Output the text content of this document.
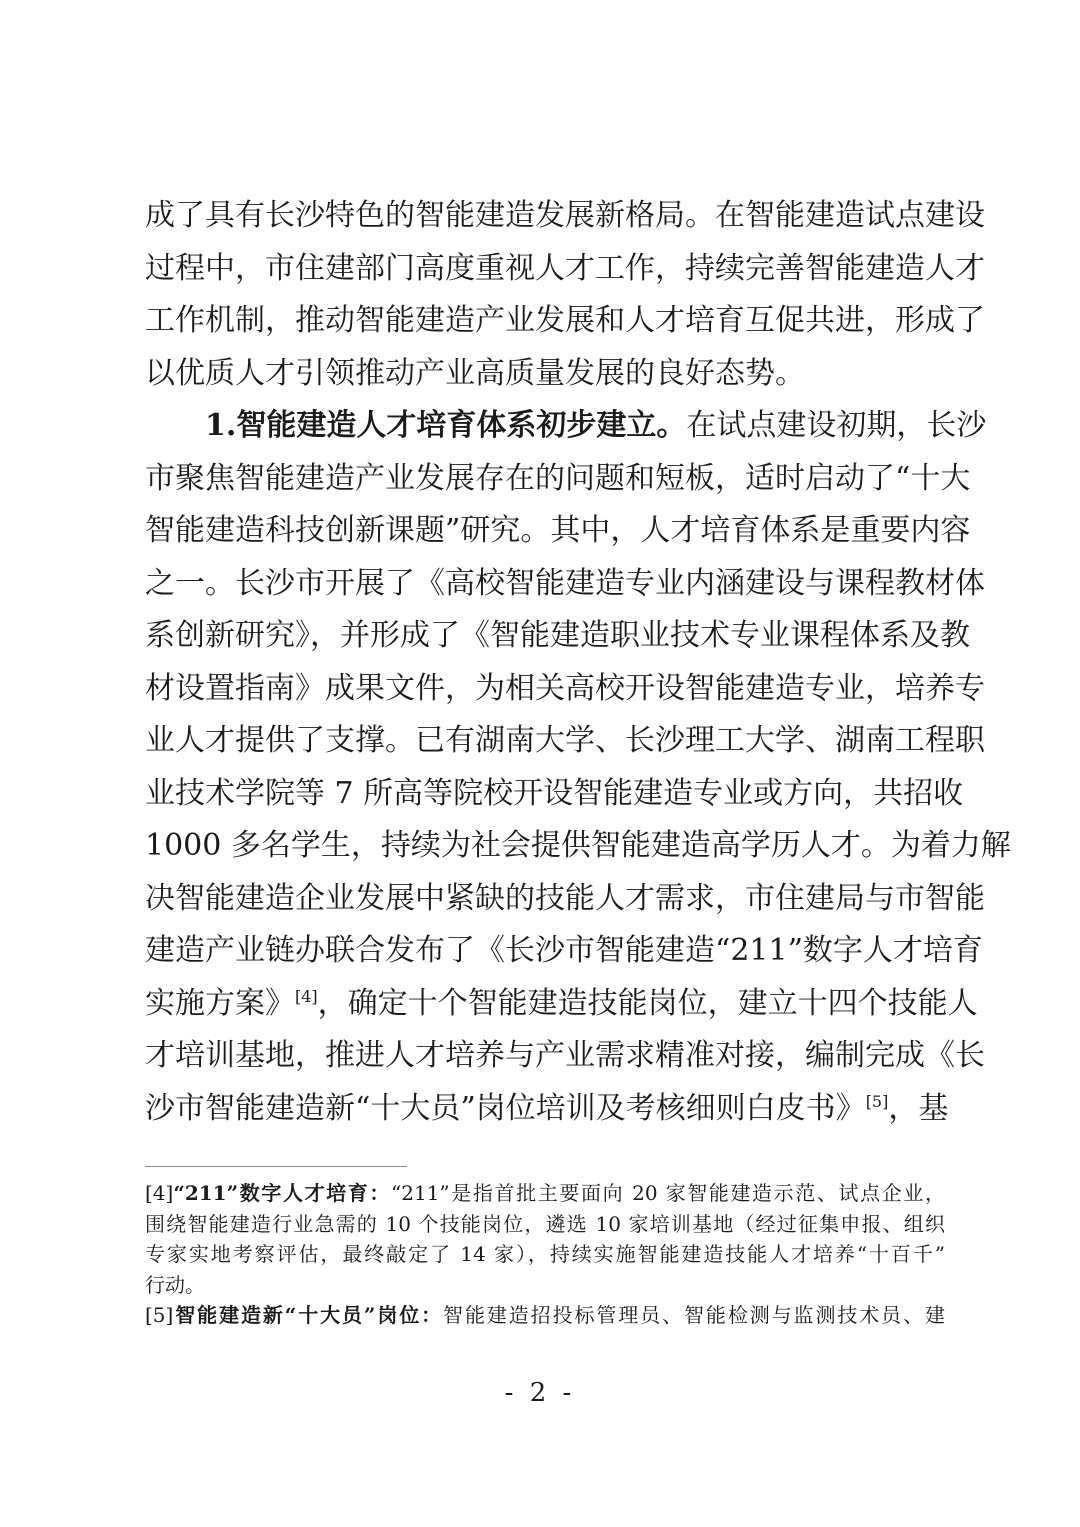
成了具有长沙特色的智能建造发展新格局。在智能建造试点建设
过程中，市住建部门高度重视人才工作，持续完善智能建造人才
工作机制，推动智能建造产业发展和人才培育互促共进，形成了
以优质人才引领推动产业高质量发展的良好态势。
1.智能建造人才培育体系初步建立。在试点建设初期，长沙
市聚焦智能建造产业发展存在的问题和短板，适时启动了“十大
智能建造科技创新课题”研究。其中，人才培育体系是重要内容
之一。长沙市开展了《高校智能建造专业内涵建设与课程教材体
系创新研究》，并形成了《智能建造职业技术专业课程体系及教
材设置指南》成果文件，为相关高校开设智能建造专业，培养专
业人才提供了支撑。已有湖南大学、长沙理工大学、湖南工程职
业技术学院等 7 所高等院校开设智能建造专业或方向，共招收
1000 多名学生，持续为社会提供智能建造高学历人才。为着力解
决智能建造企业发展中紧缺的技能人才需求，市住建局与市智能
建造产业链办联合发布了《长沙市智能建造“211”数字人才培育
实施方案》[4]，确定十个智能建造技能岗位，建立十四个技能人
才培训基地，推进人才培养与产业需求精准对接，编制完成《长
沙市智能建造新“十大员”岗位培训及考核细则白皮书》[5]，基
[4]“211”数字人才培育：“211”是指首批主要面向 20 家智能建造示范、试点企业，
围绕智能建造行业急需的 10 个技能岗位，遴选 10 家培训基地（经过征集申报、组织
专家实地考察评估，最终敲定了 14 家），持续实施智能建造技能人才培养“十百千”
行动。
[5]智能建造新“十大员”岗位：智能建造招投标管理员、智能检测与监测技术员、建
- 2 -
